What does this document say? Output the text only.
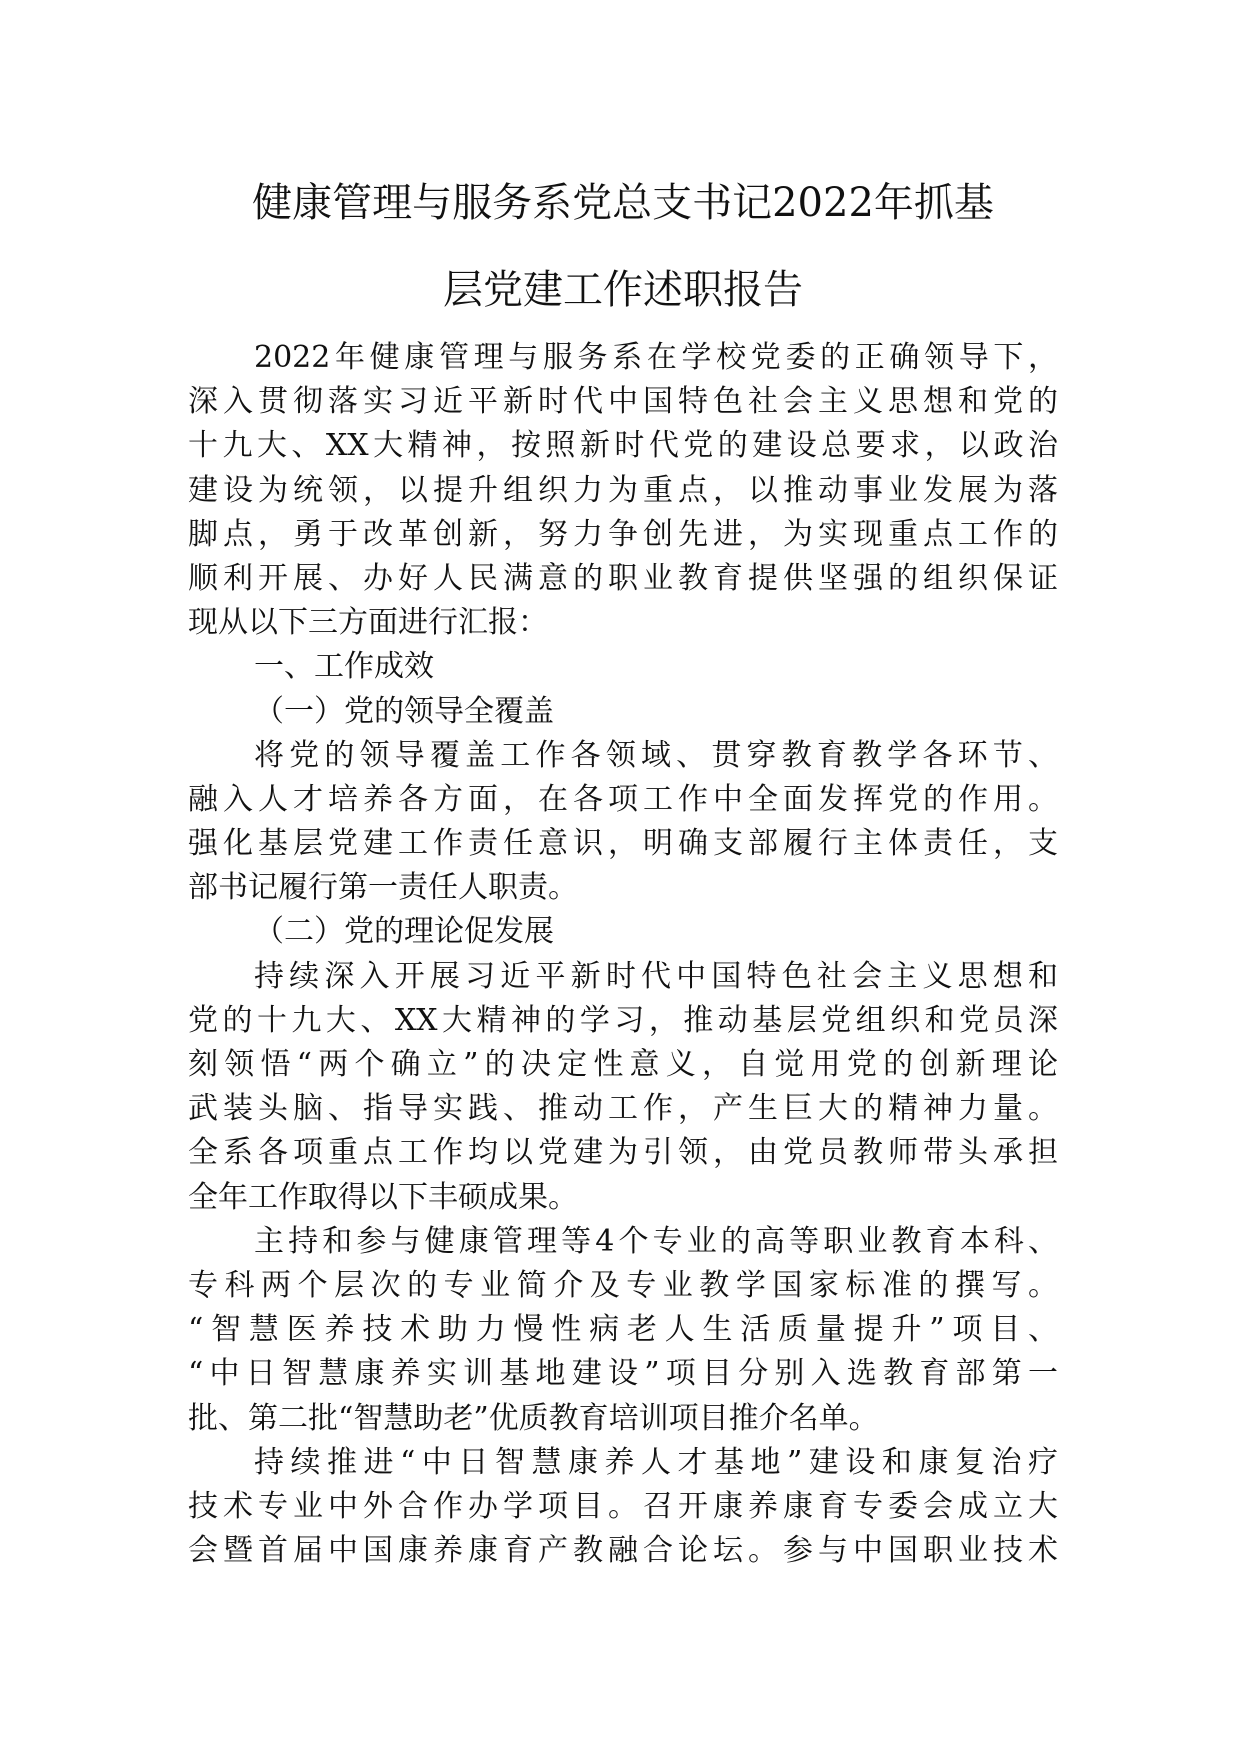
健康管理与服务系党总支书记2022年抓基
层党建工作述职报告
2022年健康管理与服务系在学校党委的正确领导下，
深入贯彻落实习近平新时代中国特色社会主义思想和党的
十九大、XX大精神，按照新时代党的建设总要求，以政治
建设为统领，以提升组织力为重点，以推动事业发展为落
脚点，勇于改革创新，努力争创先进，为实现重点工作的
顺利开展、办好人民满意的职业教育提供坚强的组织保证
现从以下三方面进行汇报：
一、工作成效
（一）党的领导全覆盖
将党的领导覆盖工作各领域、贯穿教育教学各环节、
融入人才培养各方面，在各项工作中全面发挥党的作用。
强化基层党建工作责任意识，明确支部履行主体责任，支
部书记履行第一责任人职责。
（二）党的理论促发展
持续深入开展习近平新时代中国特色社会主义思想和
党的十九大、XX大精神的学习，推动基层党组织和党员深
刻领悟“两个确立”的决定性意义，自觉用党的创新理论
武装头脑、指导实践、推动工作，产生巨大的精神力量。
全系各项重点工作均以党建为引领，由党员教师带头承担
全年工作取得以下丰硕成果。
主持和参与健康管理等4个专业的高等职业教育本科、
专科两个层次的专业简介及专业教学国家标准的撰写。
“智慧医养技术助力慢性病老人生活质量提升”项目、
“中日智慧康养实训基地建设”项目分别入选教育部第一
批、第二批“智慧助老”优质教育培训项目推介名单。
持续推进“中日智慧康养人才基地”建设和康复治疗
技术专业中外合作办学项目。召开康养康育专委会成立大
会暨首届中国康养康育产教融合论坛。参与中国职业技术
